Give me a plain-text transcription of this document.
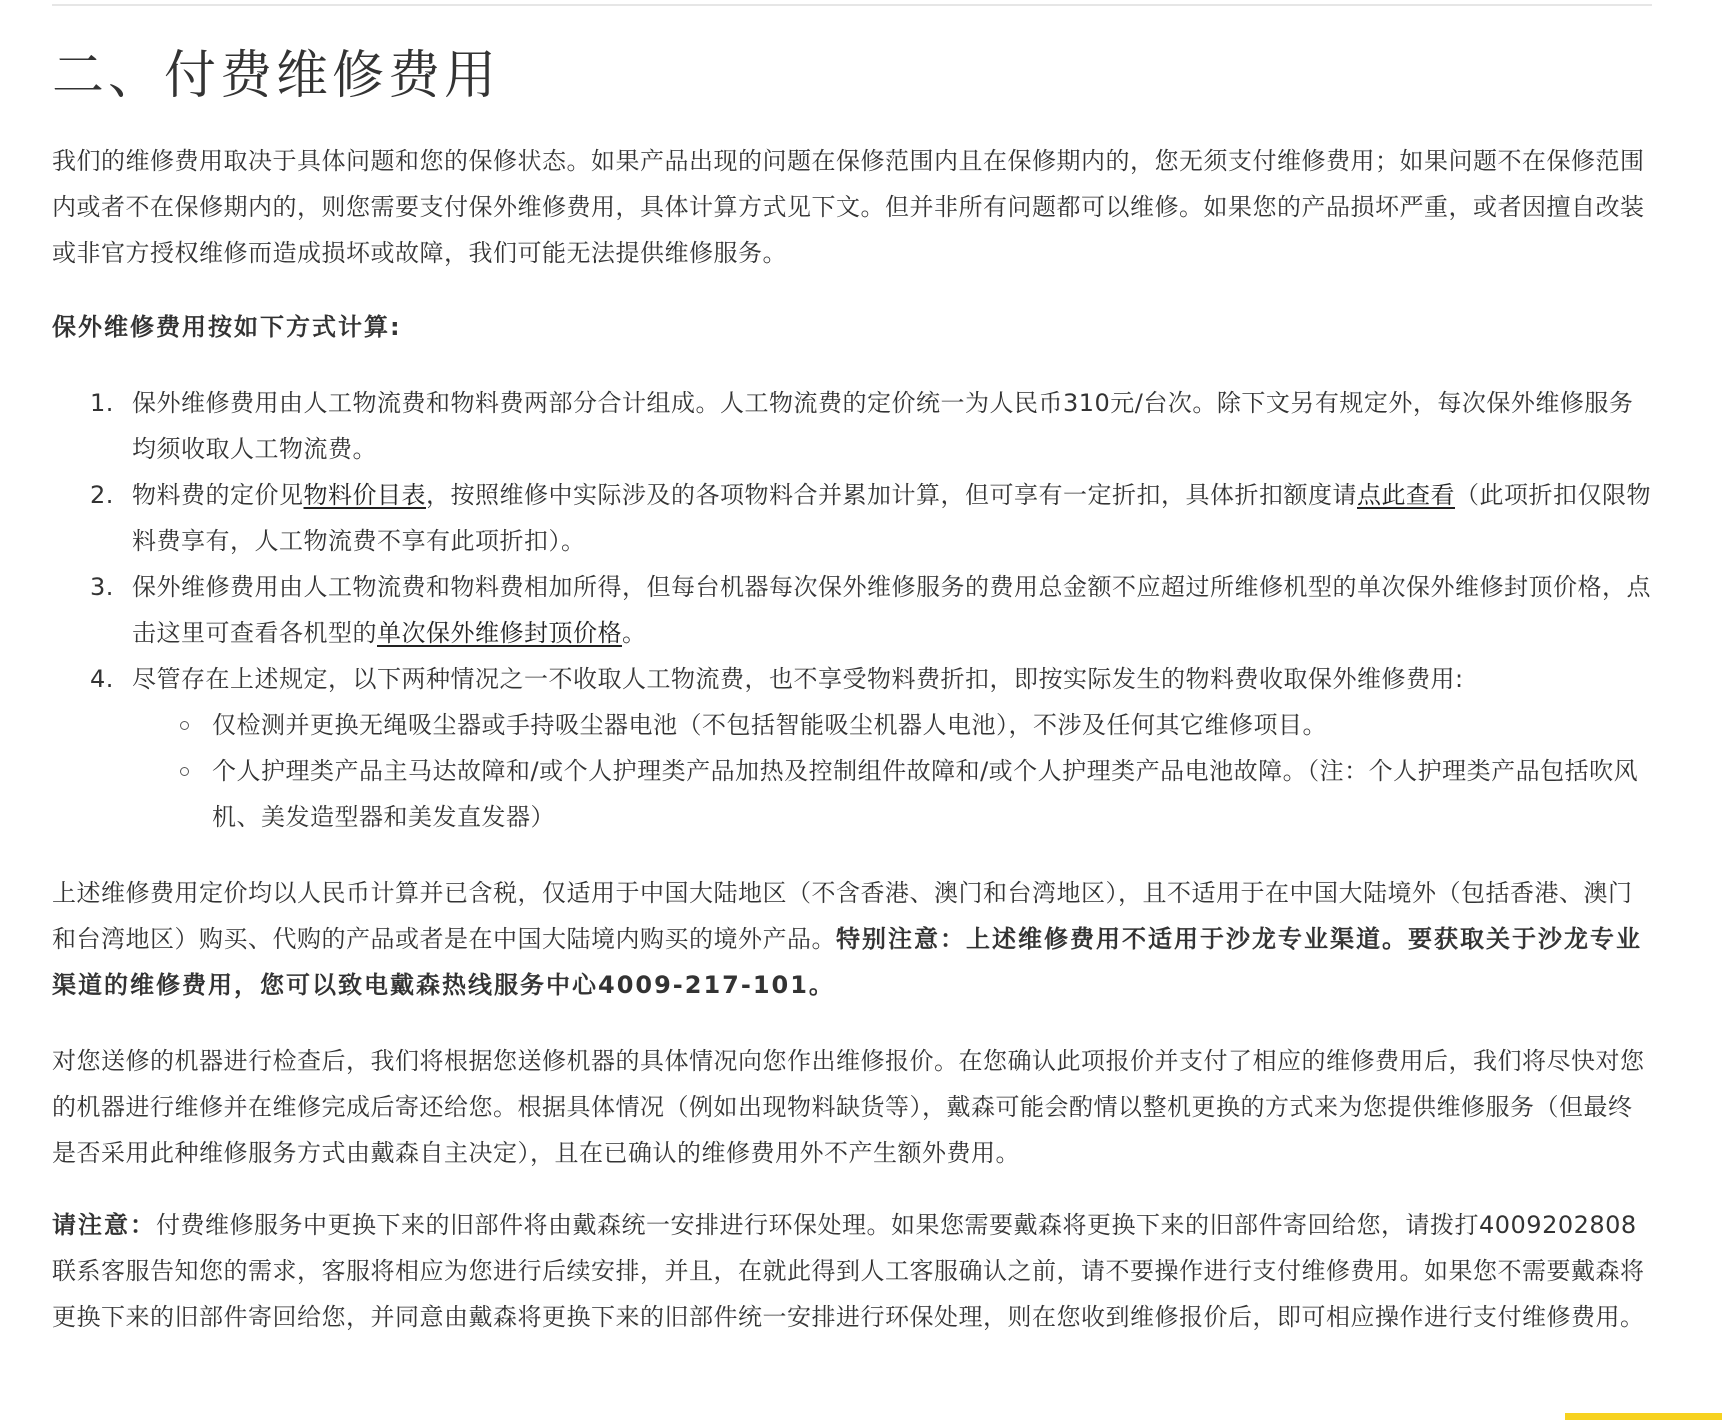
二、付费维修费用

我们的维修费用取决于具体问题和您的保修状态。如果产品出现的问题在保修范围内且在保修期内的，您无须支付维修费用；如果问题不在保修范围内或者不在保修期内的，则您需要支付保外维修费用，具体计算方式见下文。但并非所有问题都可以维修。如果您的产品损坏严重，或者因擅自改装或非官方授权维修而造成损坏或故障，我们可能无法提供维修服务。

保外维修费用按如下方式计算:

1. 保外维修费用由人工物流费和物料费两部分合计组成。人工物流费的定价统一为人民币310元/台次。除下文另有规定外，每次保外维修服务均须收取人工物流费。
2. 物料费的定价见物料价目表，按照维修中实际涉及的各项物料合并累加计算，但可享有一定折扣，具体折扣额度请点此查看（此项折扣仅限物料费享有，人工物流费不享有此项折扣）。
3. 保外维修费用由人工物流费和物料费相加所得，但每台机器每次保外维修服务的费用总金额不应超过所维修机型的单次保外维修封顶价格，点击这里可查看各机型的单次保外维修封顶价格。
4. 尽管存在上述规定，以下两种情况之一不收取人工物流费，也不享受物料费折扣，即按实际发生的物料费收取保外维修费用:
仅检测并更换无绳吸尘器或手持吸尘器电池（不包括智能吸尘机器人电池），不涉及任何其它维修项目。
个人护理类产品主马达故障和/或个人护理类产品加热及控制组件故障和/或个人护理类产品电池故障。（注：个人护理类产品包括吹风机、美发造型器和美发直发器）

上述维修费用定价均以人民币计算并已含税，仅适用于中国大陆地区（不含香港、澳门和台湾地区），且不适用于在中国大陆境外（包括香港、澳门和台湾地区）购买、代购的产品或者是在中国大陆境内购买的境外产品。特别注意：上述维修费用不适用于沙龙专业渠道。要获取关于沙龙专业渠道的维修费用，您可以致电戴森热线服务中心4009-217-101。

对您送修的机器进行检查后，我们将根据您送修机器的具体情况向您作出维修报价。在您确认此项报价并支付了相应的维修费用后，我们将尽快对您的机器进行维修并在维修完成后寄还给您。根据具体情况（例如出现物料缺货等），戴森可能会酌情以整机更换的方式来为您提供维修服务（但最终是否采用此种维修服务方式由戴森自主决定），且在已确认的维修费用外不产生额外费用。

请注意：付费维修服务中更换下来的旧部件将由戴森统一安排进行环保处理。如果您需要戴森将更换下来的旧部件寄回给您，请拨打4009202808联系客服告知您的需求，客服将相应为您进行后续安排，并且，在就此得到人工客服确认之前，请不要操作进行支付维修费用。如果您不需要戴森将更换下来的旧部件寄回给您，并同意由戴森将更换下来的旧部件统一安排进行环保处理，则在您收到维修报价后，即可相应操作进行支付维修费用。
